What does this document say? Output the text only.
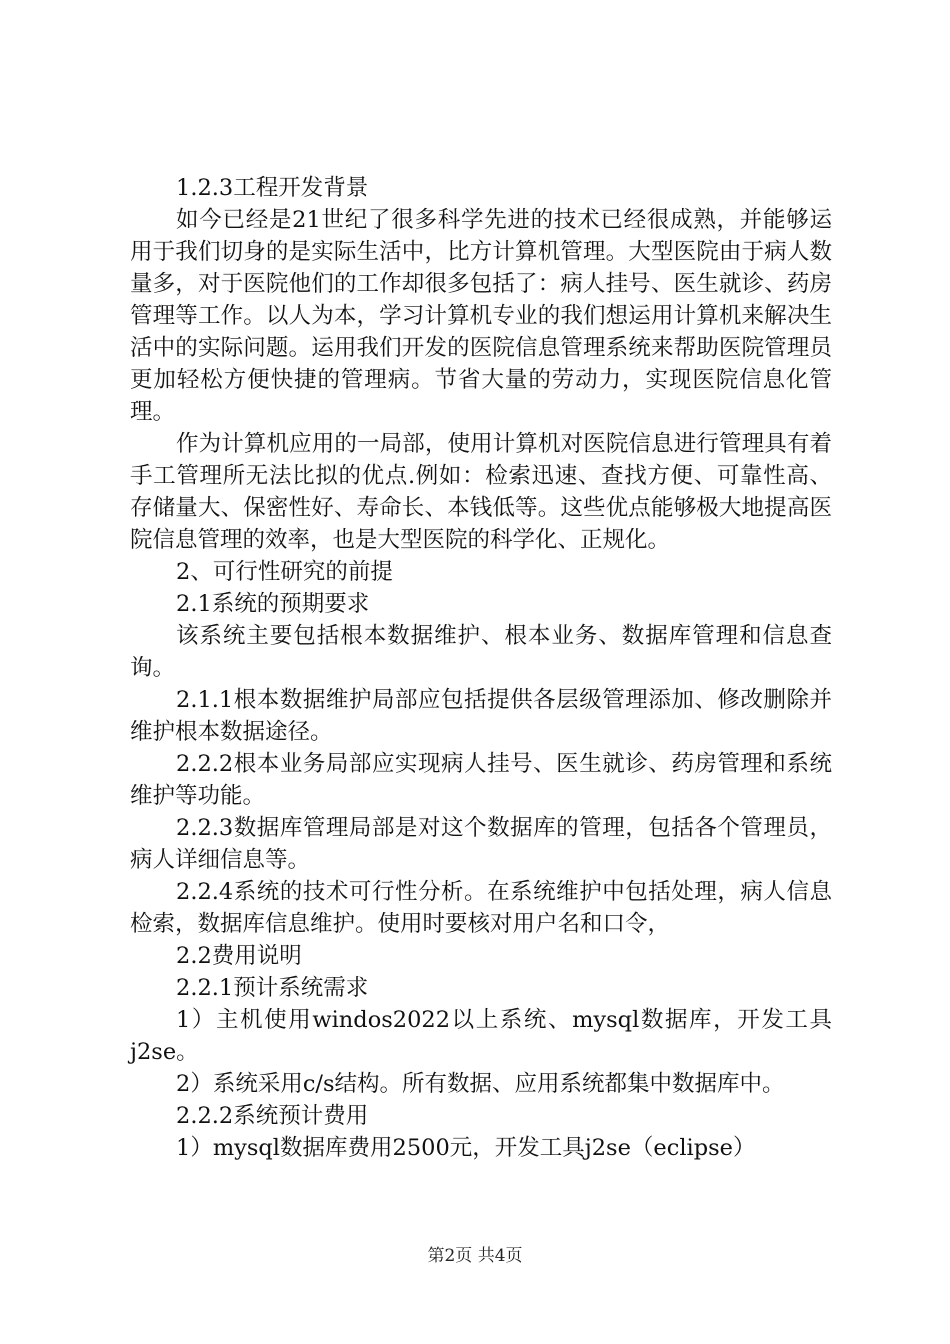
1.2.3工程开发背景

如今已经是21世纪了很多科学先进的技术已经很成熟，并能够运用于我们切身的是实际生活中，比方计算机管理。大型医院由于病人数量多，对于医院他们的工作却很多包括了：病人挂号、医生就诊、药房管理等工作。以人为本，学习计算机专业的我们想运用计算机来解决生活中的实际问题。运用我们开发的医院信息管理系统来帮助医院管理员更加轻松方便快捷的管理病。节省大量的劳动力，实现医院信息化管理。

作为计算机应用的一局部，使用计算机对医院信息进行管理具有着手工管理所无法比拟的优点.例如：检索迅速、查找方便、可靠性高、存储量大、保密性好、寿命长、本钱低等。这些优点能够极大地提高医院信息管理的效率，也是大型医院的科学化、正规化。

2、可行性研究的前提

2.1系统的预期要求

该系统主要包括根本数据维护、根本业务、数据库管理和信息查询。

2.1.1根本数据维护局部应包括提供各层级管理添加、修改删除并维护根本数据途径。

2.2.2根本业务局部应实现病人挂号、医生就诊、药房管理和系统维护等功能。

2.2.3数据库管理局部是对这个数据库的管理，包括各个管理员，病人详细信息等。

2.2.4系统的技术可行性分析。在系统维护中包括处理，病人信息检索，数据库信息维护。使用时要核对用户名和口令，

2.2费用说明

2.2.1预计系统需求

1）主机使用windos2022以上系统、mysql数据库，开发工具j2se。

2）系统采用c/s结构。所有数据、应用系统都集中数据库中。

2.2.2系统预计费用

1）mysql数据库费用2500元，开发工具j2se（eclipse）

第2页 共4页
